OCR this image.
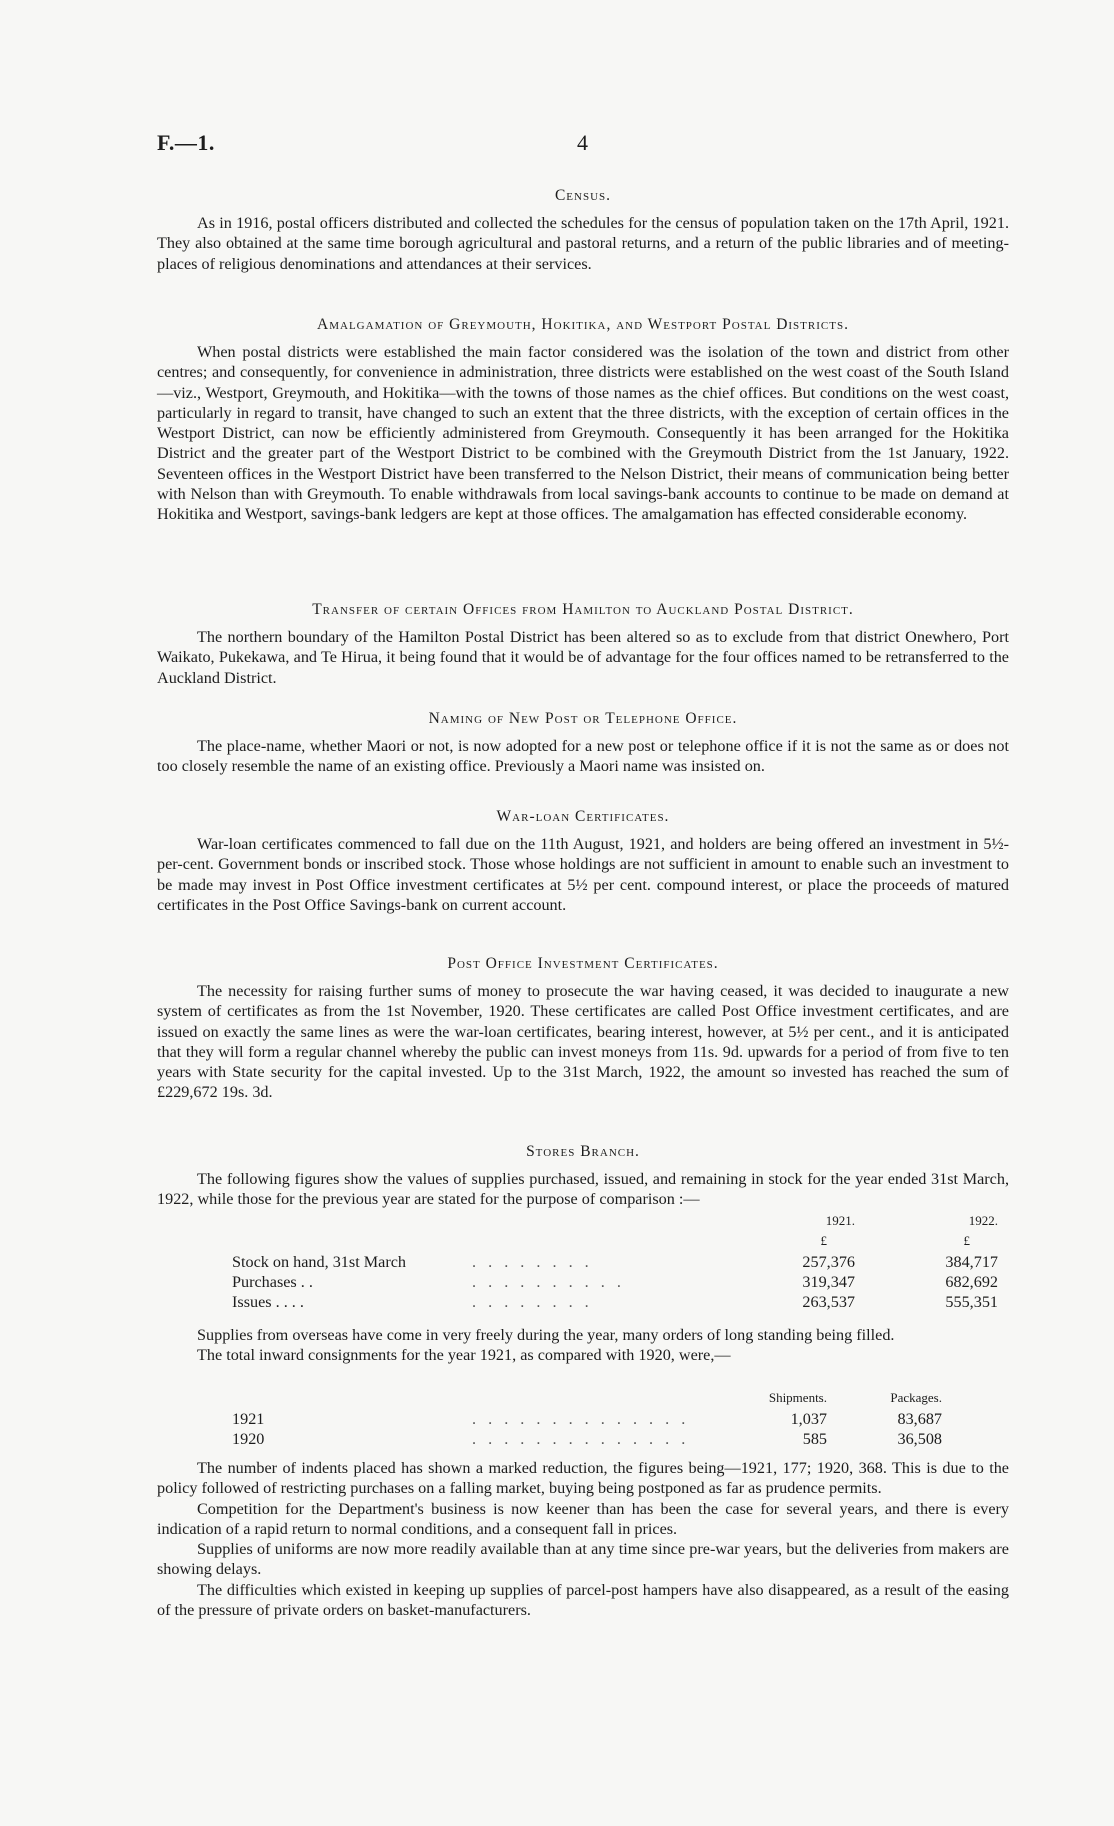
F.—1.	4
Census.

As in 1916, postal officers distributed and collected the schedules for the census of population taken on the 17th April, 1921. They also obtained at the same time borough agricultural and pastoral returns, and a return of the public libraries and of meeting-places of religious denominations and attendances at their services.

Amalgamation of Greymouth, Hokitika, and Westport Postal Districts.

When postal districts were established the main factor considered was the isolation of the town and district from other centres; and consequently, for convenience in administration, three districts were established on the west coast of the South Island—viz., Westport, Greymouth, and Hokitika—with the towns of those names as the chief offices. But conditions on the west coast, particularly in regard to transit, have changed to such an extent that the three districts, with the exception of certain offices in the Westport District, can now be efficiently administered from Greymouth. Consequently it has been arranged for the Hokitika District and the greater part of the Westport District to be combined with the Greymouth District from the 1st January, 1922. Seventeen offices in the Westport District have been transferred to the Nelson District, their means of communication being better with Nelson than with Greymouth. To enable withdrawals from local savings-bank accounts to continue to be made on demand at Hokitika and Westport, savings-bank ledgers are kept at those offices. The amalgamation has effected considerable economy.

Transfer of certain Offices from Hamilton to Auckland Postal District.

The northern boundary of the Hamilton Postal District has been altered so as to exclude from that district Onewhero, Port Waikato, Pukekawa, and Te Hirua, it being found that it would be of advantage for the four offices named to be retransferred to the Auckland District.

Naming of New Post or Telephone Office.

The place-name, whether Maori or not, is now adopted for a new post or telephone office if it is not the same as or does not too closely resemble the name of an existing office. Previously a Maori name was insisted on.

War-loan Certificates.

War-loan certificates commenced to fall due on the 11th August, 1921, and holders are being offered an investment in 5½-per-cent. Government bonds or inscribed stock. Those whose holdings are not sufficient in amount to enable such an investment to be made may invest in Post Office investment certificates at 5½ per cent. compound interest, or place the proceeds of matured certificates in the Post Office Savings-bank on current account.

Post Office Investment Certificates.

The necessity for raising further sums of money to prosecute the war having ceased, it was decided to inaugurate a new system of certificates as from the 1st November, 1920. These certificates are called Post Office investment certificates, and are issued on exactly the same lines as were the war-loan certificates, bearing interest, however, at 5½ per cent., and it is anticipated that they will form a regular channel whereby the public can invest moneys from 11s. 9d. upwards for a period of from five to ten years with State security for the capital invested. Up to the 31st March, 1922, the amount so invested has reached the sum of £229,672 19s. 3d.

Stores Branch.

The following figures show the values of supplies purchased, issued, and remaining in stock for the year ended 31st March, 1922, while those for the previous year are stated for the purpose of comparison :—

		1921.	1922.
		£	£
Stock on hand, 31st March	. . . . . . . .	257,376	384,717
Purchases . .	. . . . . . . . . .	319,347	682,692
Issues . . . .	. . . . . . . .	263,537	555,351

Supplies from overseas have come in very freely during the year, many orders of long standing being filled.

The total inward consignments for the year 1921, as compared with 1920, were,—

		Shipments.	Packages.
1921	. . . . . . . . . . . . . .	1,037	83,687
1920	. . . . . . . . . . . . . .	585	36,508

The number of indents placed has shown a marked reduction, the figures being—1921, 177; 1920, 368. This is due to the policy followed of restricting purchases on a falling market, buying being postponed as far as prudence permits.

Competition for the Department's business is now keener than has been the case for several years, and there is every indication of a rapid return to normal conditions, and a consequent fall in prices.

Supplies of uniforms are now more readily available than at any time since pre-war years, but the deliveries from makers are showing delays.

The difficulties which existed in keeping up supplies of parcel-post hampers have also disappeared, as a result of the easing of the pressure of private orders on basket-manufacturers.
